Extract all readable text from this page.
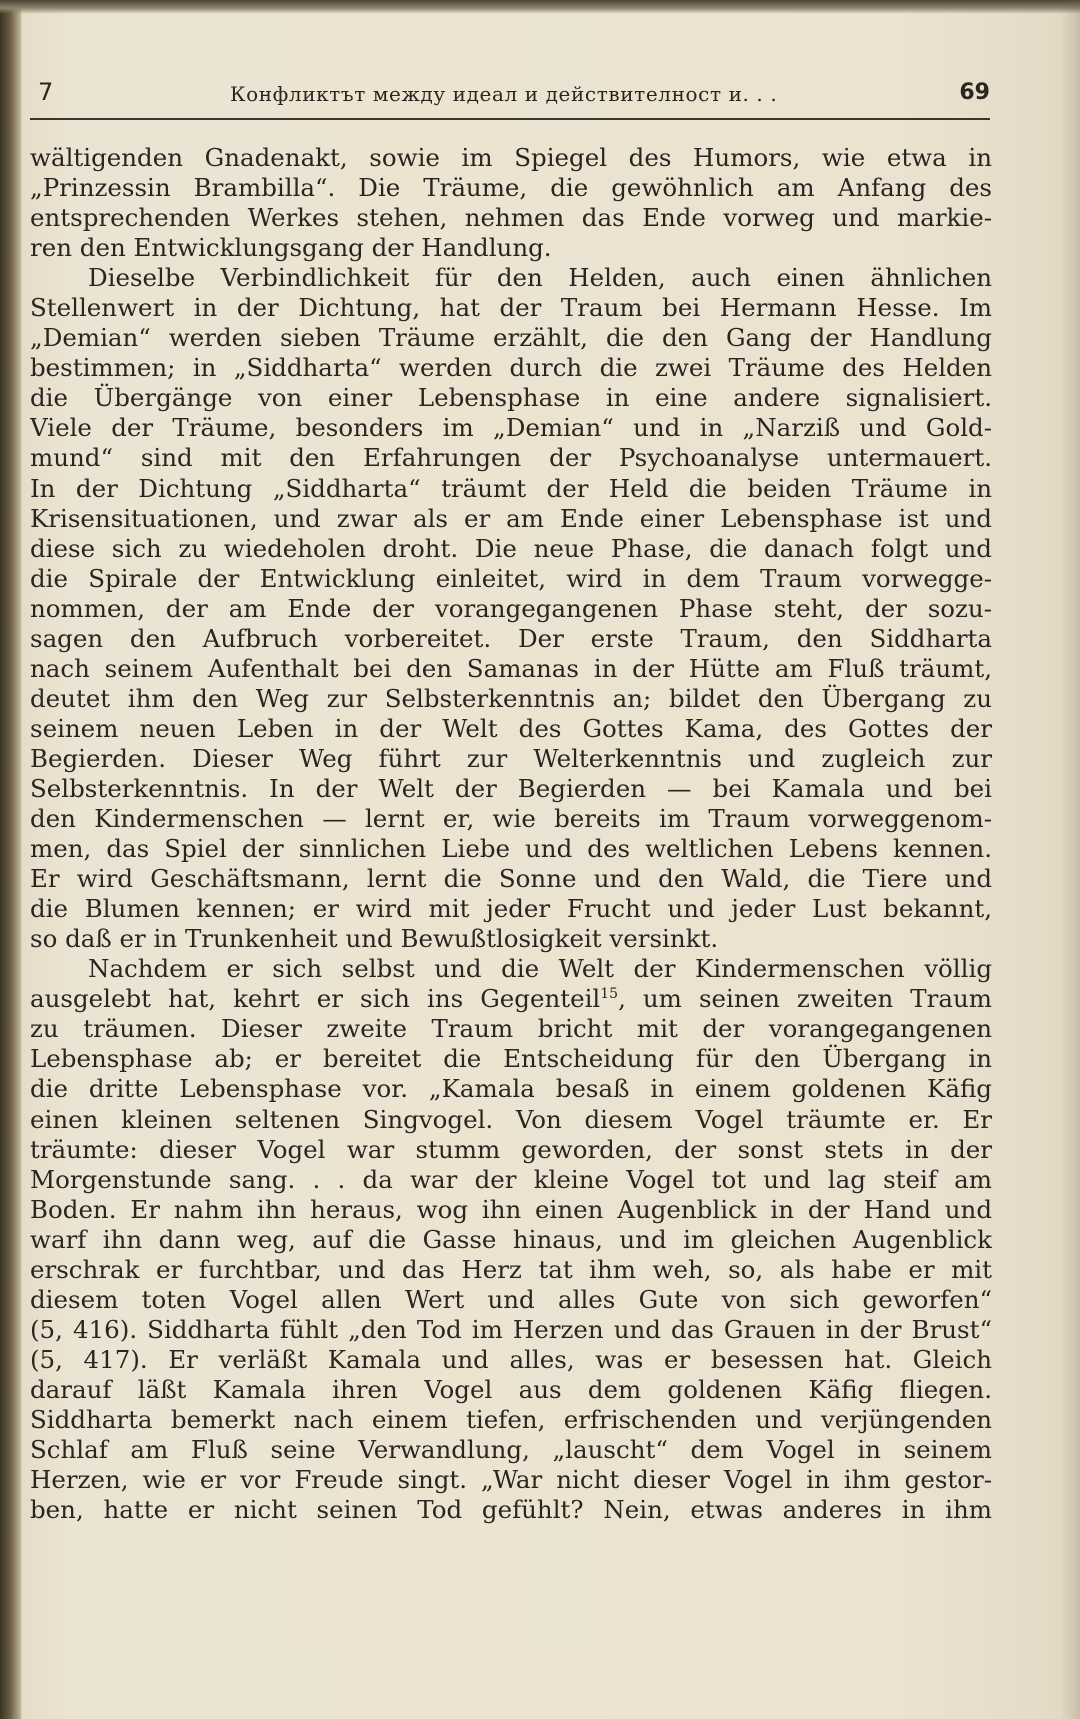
7	Конфликтът между идеал и действителност и. . .	69
wältigenden Gnadenakt, sowie im Spiegel des Humors, wie etwa in
„Prinzessin Brambilla“. Die Träume, die gewöhnlich am Anfang des
entsprechenden Werkes stehen, nehmen das Ende vorweg und markie-
ren den Entwicklungsgang der Handlung.
Dieselbe Verbindlichkeit für den Helden, auch einen ähnlichen
Stellenwert in der Dichtung, hat der Traum bei Hermann Hesse. Im
„Demian“ werden sieben Träume erzählt, die den Gang der Handlung
bestimmen; in „Siddharta“ werden durch die zwei Träume des Helden
die Übergänge von einer Lebensphase in eine andere signalisiert.
Viele der Träume, besonders im „Demian“ und in „Narziß und Gold-
mund“ sind mit den Erfahrungen der Psychoanalyse untermauert.
In der Dichtung „Siddharta“ träumt der Held die beiden Träume in
Krisensituationen, und zwar als er am Ende einer Lebensphase ist und
diese sich zu wiedeholen droht. Die neue Phase, die danach folgt und
die Spirale der Entwicklung einleitet, wird in dem Traum vorwegge-
nommen, der am Ende der vorangegangenen Phase steht, der sozu-
sagen den Aufbruch vorbereitet. Der erste Traum, den Siddharta
nach seinem Aufenthalt bei den Samanas in der Hütte am Fluß träumt,
deutet ihm den Weg zur Selbsterkenntnis an; bildet den Übergang zu
seinem neuen Leben in der Welt des Gottes Kama, des Gottes der
Begierden. Dieser Weg führt zur Welterkenntnis und zugleich zur
Selbsterkenntnis. In der Welt der Begierden — bei Kamala und bei
den Kindermenschen — lernt er, wie bereits im Traum vorweggenom-
men, das Spiel der sinnlichen Liebe und des weltlichen Lebens kennen.
Er wird Geschäftsmann, lernt die Sonne und den Wald, die Tiere und
die Blumen kennen; er wird mit jeder Frucht und jeder Lust bekannt,
so daß er in Trunkenheit und Bewußtlosigkeit versinkt.
Nachdem er sich selbst und die Welt der Kindermenschen völlig
ausgelebt hat, kehrt er sich ins Gegenteil$^{15}$, um seinen zweiten Traum
zu träumen. Dieser zweite Traum bricht mit der vorangegangenen
Lebensphase ab; er bereitet die Entscheidung für den Übergang in
die dritte Lebensphase vor. „Kamala besaß in einem goldenen Käfig
einen kleinen seltenen Singvogel. Von diesem Vogel träumte er. Er
träumte: dieser Vogel war stumm geworden, der sonst stets in der
Morgenstunde sang. . . da war der kleine Vogel tot und lag steif am
Boden. Er nahm ihn heraus, wog ihn einen Augenblick in der Hand und
warf ihn dann weg, auf die Gasse hinaus, und im gleichen Augenblick
erschrak er furchtbar, und das Herz tat ihm weh, so, als habe er mit
diesem toten Vogel allen Wert und alles Gute von sich geworfen“
(5, 416). Siddharta fühlt „den Tod im Herzen und das Grauen in der Brust“
(5, 417). Er verläßt Kamala und alles, was er besessen hat. Gleich
darauf läßt Kamala ihren Vogel aus dem goldenen Käfig fliegen.
Siddharta bemerkt nach einem tiefen, erfrischenden und verjüngenden
Schlaf am Fluß seine Verwandlung, „lauscht“ dem Vogel in seinem
Herzen, wie er vor Freude singt. „War nicht dieser Vogel in ihm gestor-
ben, hatte er nicht seinen Tod gefühlt? Nein, etwas anderes in ihm
